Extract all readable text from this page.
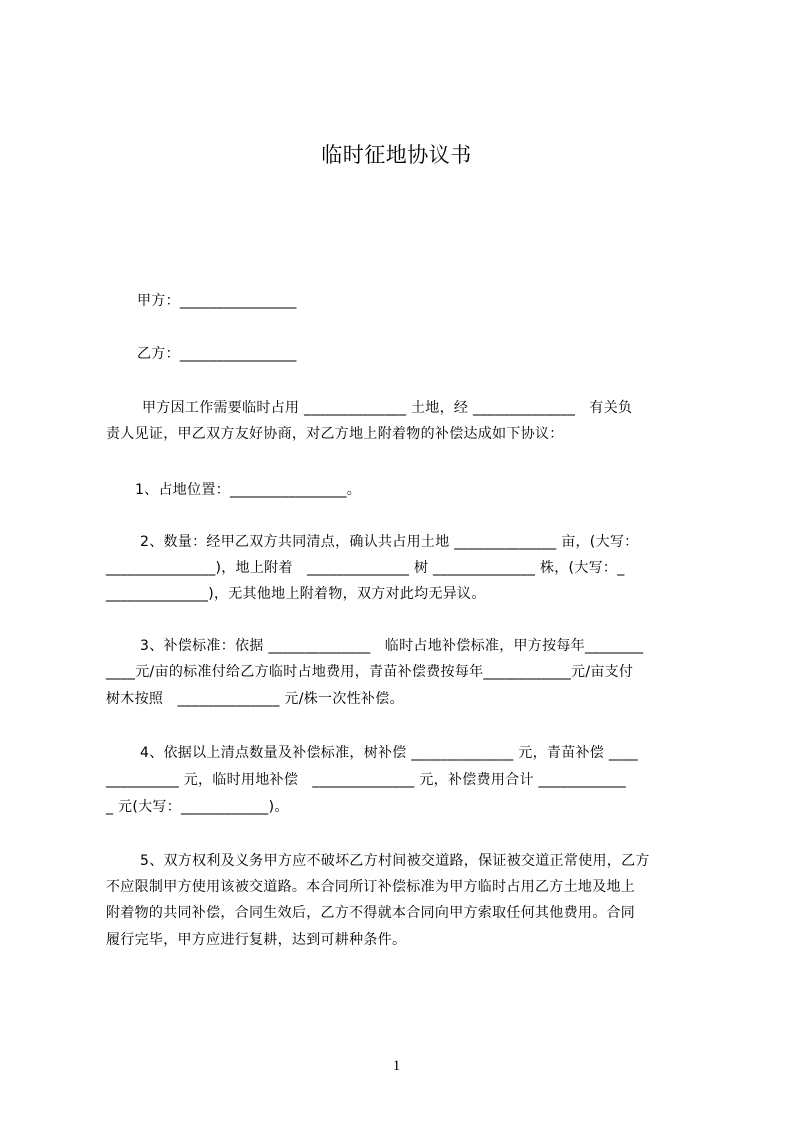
临时征地协议书
甲方：________________
乙方：________________
甲方因工作需要临时占用 ______________ 土地，经 ______________   有关负
责人见证，甲乙双方友好协商，对乙方地上附着物的补偿达成如下协议：
1、占地位置：________________。
2、数量：经甲乙双方共同清点，确认共占用土地 ______________ 亩，(大写：
_______________)，地上附着   ______________ 树 ______________ 株，(大写：_
______________)，无其他地上附着物，双方对此均无异议。
3、补偿标准：依据 ______________   临时占地补偿标准，甲方按每年________
____元/亩的标准付给乙方临时占地费用，青苗补偿费按每年____________元/亩支付
树木按照   ______________ 元/株一次性补偿。
4、依据以上清点数量及补偿标准，树补偿 ______________ 元，青苗补偿 ____
__________ 元，临时用地补偿   ______________ 元，补偿费用合计 ____________
_ 元(大写：____________)。
5、双方权利及义务甲方应不破坏乙方村间被交道路，保证被交道正常使用，乙方
不应限制甲方使用该被交道路。本合同所订补偿标准为甲方临时占用乙方土地及地上
附着物的共同补偿，合同生效后，乙方不得就本合同向甲方索取任何其他费用。合同
履行完毕，甲方应进行复耕，达到可耕种条件。
1
